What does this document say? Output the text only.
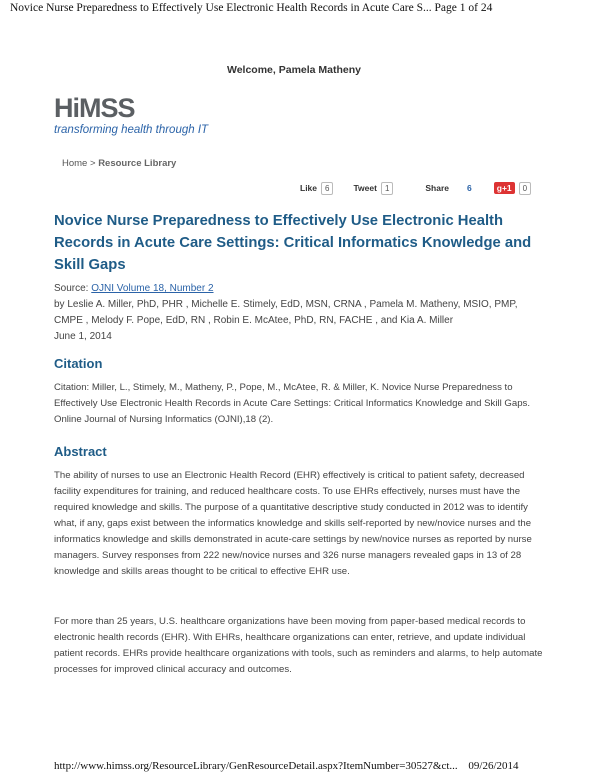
Novice Nurse Preparedness to Effectively Use Electronic Health Records in Acute Care S... Page 1 of 24
Welcome, Pamela Matheny
HiMSS
transforming health through IT
Home > Resource Library
Like	6	Tweet	1	Share 6	g+1	0
Novice Nurse Preparedness to Effectively Use Electronic Health Records in Acute Care Settings: Critical Informatics Knowledge and Skill Gaps
Source: OJNI Volume 18, Number 2
by Leslie A. Miller, PhD, PHR , Michelle E. Stimely, EdD, MSN, CRNA , Pamela M. Matheny, MSIO, PMP, CMPE , Melody F. Pope, EdD, RN , Robin E. McAtee, PhD, RN, FACHE , and Kia A. Miller
June 1, 2014
Citation

Citation: Miller, L., Stimely, M., Matheny, P., Pope, M., McAtee, R. & Miller, K. Novice Nurse Preparedness to Effectively Use Electronic Health Records in Acute Care Settings: Critical Informatics Knowledge and Skill Gaps. Online Journal of Nursing Informatics (OJNI),18 (2).

Abstract

The ability of nurses to use an Electronic Health Record (EHR) effectively is critical to patient safety, decreased facility expenditures for training, and reduced healthcare costs. To use EHRs effectively, nurses must have the required knowledge and skills. The purpose of a quantitative descriptive study conducted in 2012 was to identify what, if any, gaps exist between the informatics knowledge and skills self-reported by new/novice nurses and the informatics knowledge and skills demonstrated in acute-care settings by new/novice nurses as reported by nurse managers. Survey responses from 222 new/novice nurses and 326 nurse managers revealed gaps in 13 of 28 knowledge and skills areas thought to be critical to effective EHR use.

For more than 25 years, U.S. healthcare organizations have been moving from paper-based medical records to electronic health records (EHR). With EHRs, healthcare organizations can enter, retrieve, and update individual patient records. EHRs provide healthcare organizations with tools, such as reminders and alarms, to help automate processes for improved clinical accuracy and outcomes.

http://www.himss.org/ResourceLibrary/GenResourceDetail.aspx?ItemNumber=30527&ct... 09/26/2014
